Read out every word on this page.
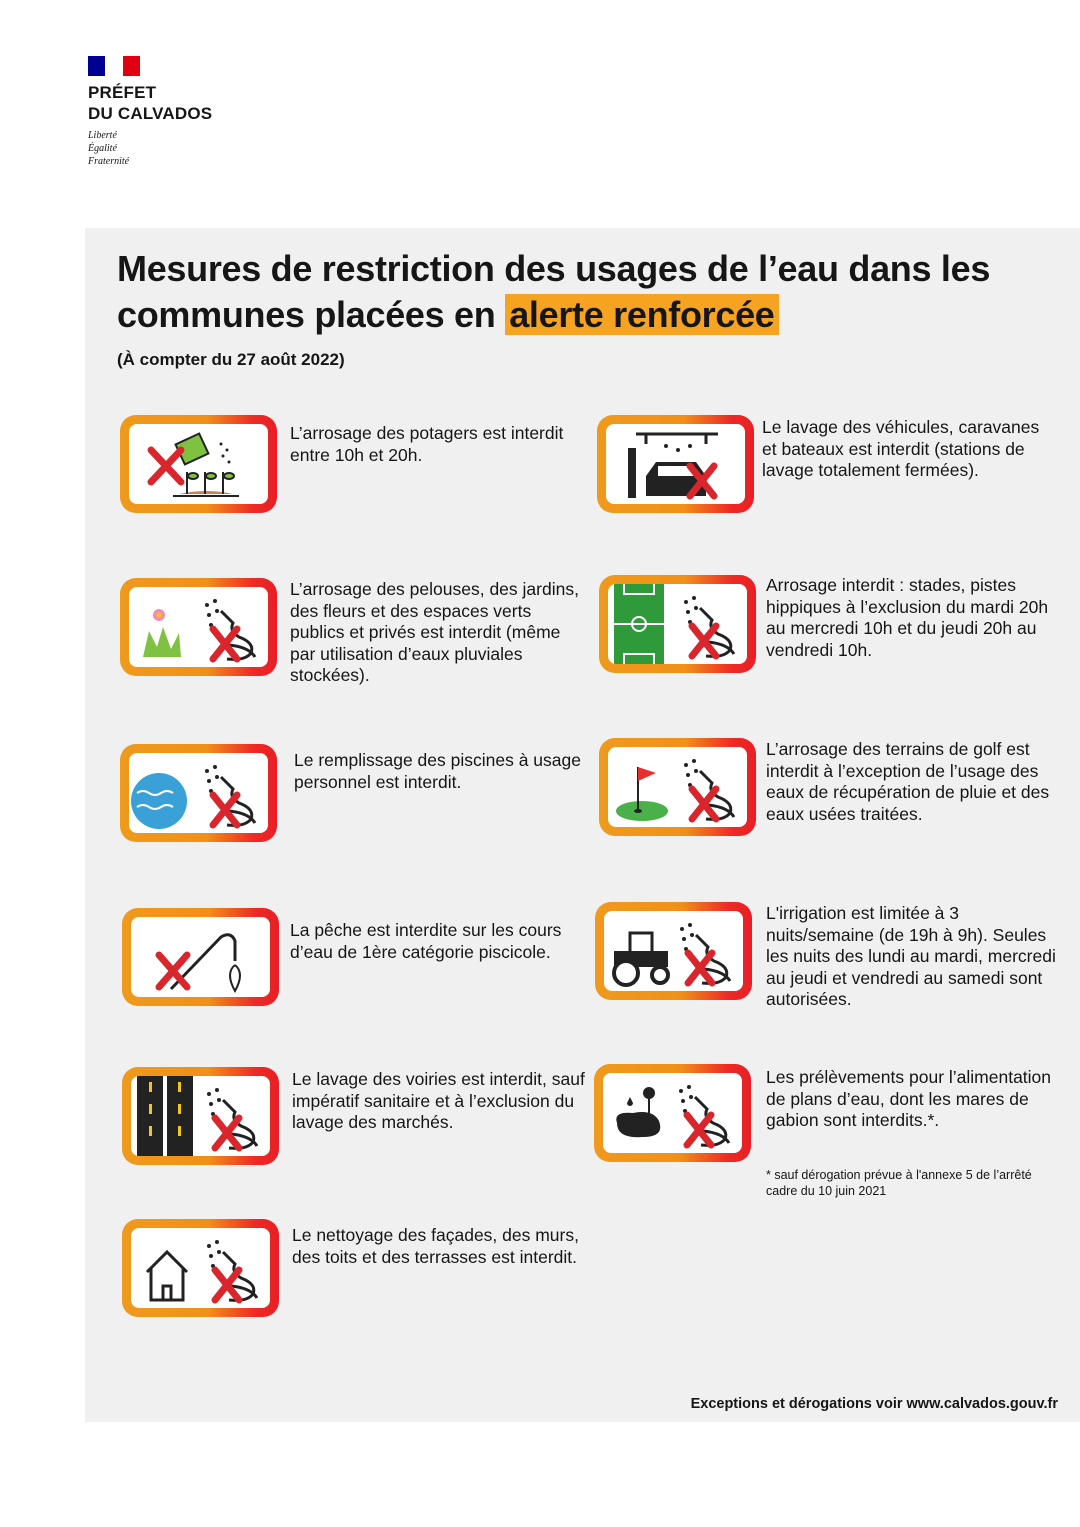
PRÉFET
DU CALVADOS
Liberté
Égalité
Fraternité
Mesures de restriction des usages de l’eau dans les communes placées en alerte renforcée
(À compter du 27 août 2022)
L’arrosage des potagers est interdit entre 10h et 20h.
L’arrosage des pelouses, des jardins, des fleurs et des espaces verts publics et privés est interdit (même par utilisation d’eaux pluviales stockées).
Le remplissage des piscines à usage personnel est interdit.
La pêche est interdite sur les cours d’eau de 1ère catégorie piscicole.
Le lavage des voiries est interdit, sauf impératif sanitaire et à l’exclusion du lavage des marchés.
Le nettoyage des façades, des murs, des toits et des terrasses est interdit.
Le lavage des véhicules, caravanes et bateaux est interdit (stations de lavage totalement fermées).
Arrosage interdit : stades, pistes hippiques à l’exclusion du mardi 20h au mercredi 10h et du jeudi 20h au vendredi 10h.
L’arrosage des terrains de golf est interdit à l’exception de l’usage des eaux de récupération de pluie et des eaux usées traitées.
L'irrigation est limitée à 3 nuits/semaine (de 19h à 9h). Seules les nuits des lundi au mardi, mercredi au jeudi et vendredi au samedi sont autorisées.
Les prélèvements pour l’alimentation de plans d’eau, dont les mares de gabion sont interdits.*.
* sauf dérogation prévue à l'annexe 5 de l’arrêté cadre du 10 juin 2021
Exceptions et dérogations voir www.calvados.gouv.fr
